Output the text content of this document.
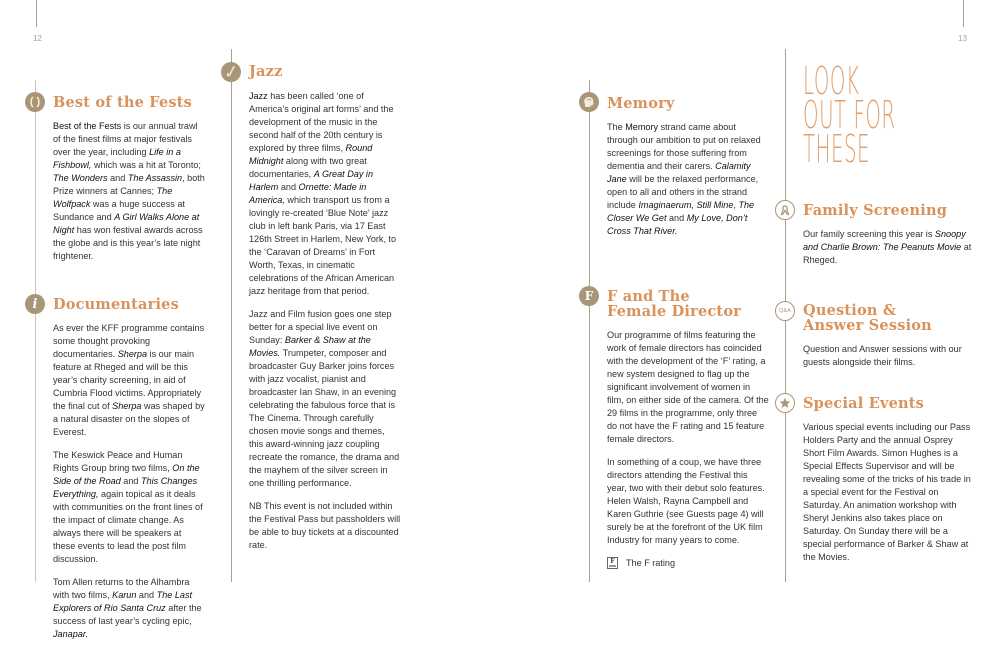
12	13
Best of the Fests

Best of the Fests is our annual trawl of the finest films at major festivals over the year, including Life in a Fishbowl, which was a hit at Toronto; The Wonders and The Assassin, both Prize winners at Cannes; The Wolfpack was a huge success at Sundance and A Girl Walks Alone at Night has won festival awards across the globe and is this year’s late night frightener.

i	Documentaries

As ever the KFF programme contains some thought provoking documentaries. Sherpa is our main feature at Rheged and will be this year’s charity screening, in aid of Cumbria Flood victims. Appropriately the final cut of Sherpa was shaped by a natural disaster on the slopes of Everest.

The Keswick Peace and Human Rights Group bring two films, On the Side of the Road and This Changes Everything, again topical as it deals with communities on the front lines of the impact of climate change. As always there will be speakers at these events to lead the post film discussion.

Tom Allen returns to the Alhambra with two films, Karun and The Last Explorers of Rio Santa Cruz after the success of last year’s cycling epic, Janapar.

Jazz

Jazz has been called ‘one of America’s original art forms’ and the development of the music in the second half of the 20th century is explored by three films, Round Midnight along with two great documentaries, A Great Day in Harlem and Ornette: Made in America, which transport us from a lovingly re-created ‘Blue Note’ jazz club in left bank Paris, via 17 East 126th Street in Harlem, New York, to the ‘Caravan of Dreams’ in Fort Worth, Texas, in cinematic celebrations of the African American jazz heritage from that period.

Jazz and Film fusion goes one step better for a special live event on Sunday: Barker & Shaw at the Movies. Trumpeter, composer and broadcaster Guy Barker joins forces with jazz vocalist, pianist and broadcaster Ian Shaw, in an evening celebrating the fabulous force that is The Cinema. Through carefully chosen movie songs and themes, this award-winning jazz coupling recreate the romance, the drama and the mayhem of the silver screen in one thrilling performance.

NB This event is not included within the Festival Pass but passholders will be able to buy tickets at a discounted rate.

Memory

The Memory strand came about through our ambition to put on relaxed screenings for those suffering from dementia and their carers. Calamity Jane will be the relaxed performance, open to all and others in the strand include Imaginaerum, Still Mine, The Closer We Get and My Love, Don’t Cross That River.

F F and The
Female Director

Our programme of films featuring the work of female directors has coincided with the development of the ‘F’ rating, a new system designed to flag up the significant involvement of women in film, on either side of the camera. Of the 29 films in the programme, only three do not have the F rating and 15 feature female directors.

In something of a coup, we have three directors attending the Festival this year, two with their debut solo features. Helen Walsh, Rayna Campbell and Karen Guthrie (see Guests page 4) will surely be at the forefront of the UK film Industry for many years to come.

F	The F rating
LOOK
OUT FOR
THESE
Family Screening

Our family screening this year is Snoopy and Charlie Brown: The Peanuts Movie at Rheged.

Q&A Question &
Answer Session

Question and Answer sessions with our guests alongside their films.

Special Events

Various special events including our Pass Holders Party and the annual Osprey Short Film Awards. Simon Hughes is a Special Effects Supervisor and will be revealing some of the tricks of his trade in a special event for the Festival on Saturday. An animation workshop with Sheryl Jenkins also takes place on Saturday. On Sunday there will be a special performance of Barker & Shaw at the Movies.
